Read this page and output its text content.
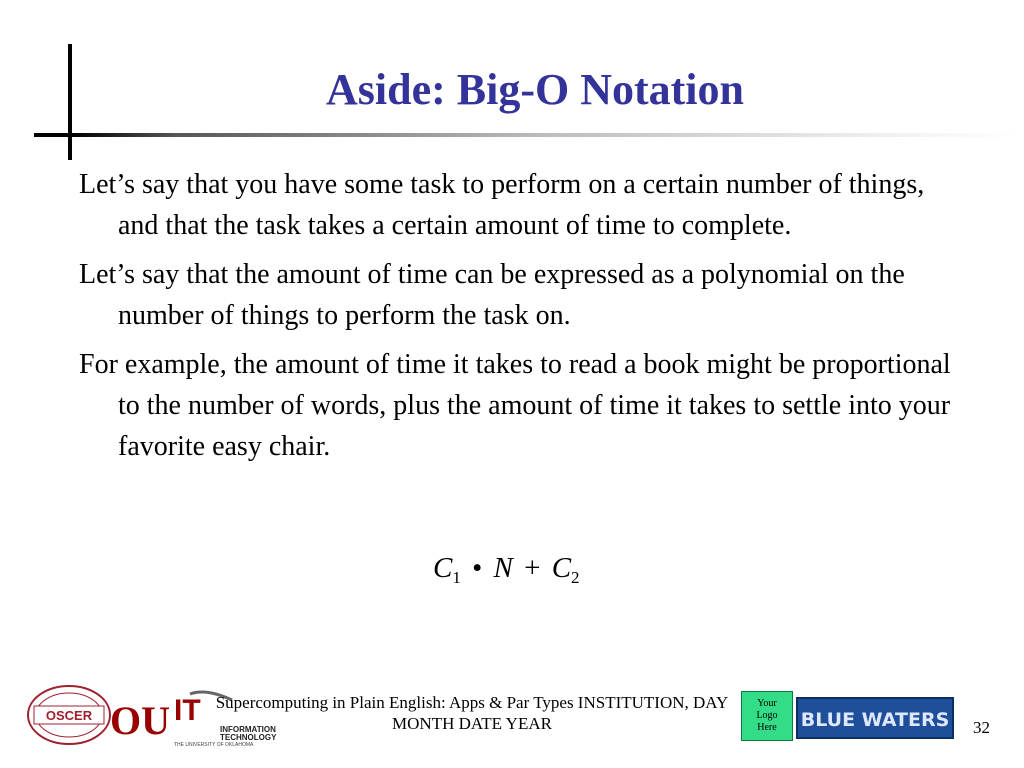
Aside: Big-O Notation

Let’s say that you have some task to perform on a certain number of things, and that the task takes a certain amount of time to complete.

Let’s say that the amount of time can be expressed as a polynomial on the number of things to perform the task on.

For example, the amount of time it takes to read a book might be proportional to the number of words, plus the amount of time it takes to settle into your favorite easy chair.

$C_1$ • $N + C_2$
OSCER OU IT
INFORMATION
TECHNOLOGY
THE UNIVERSITY OF OKLAHOMA
Supercomputing in Plain English: Apps & Par Types INSTITUTION, DAY
MONTH DATE YEAR
Your
Logo
Here	BLUE WATERS	32
